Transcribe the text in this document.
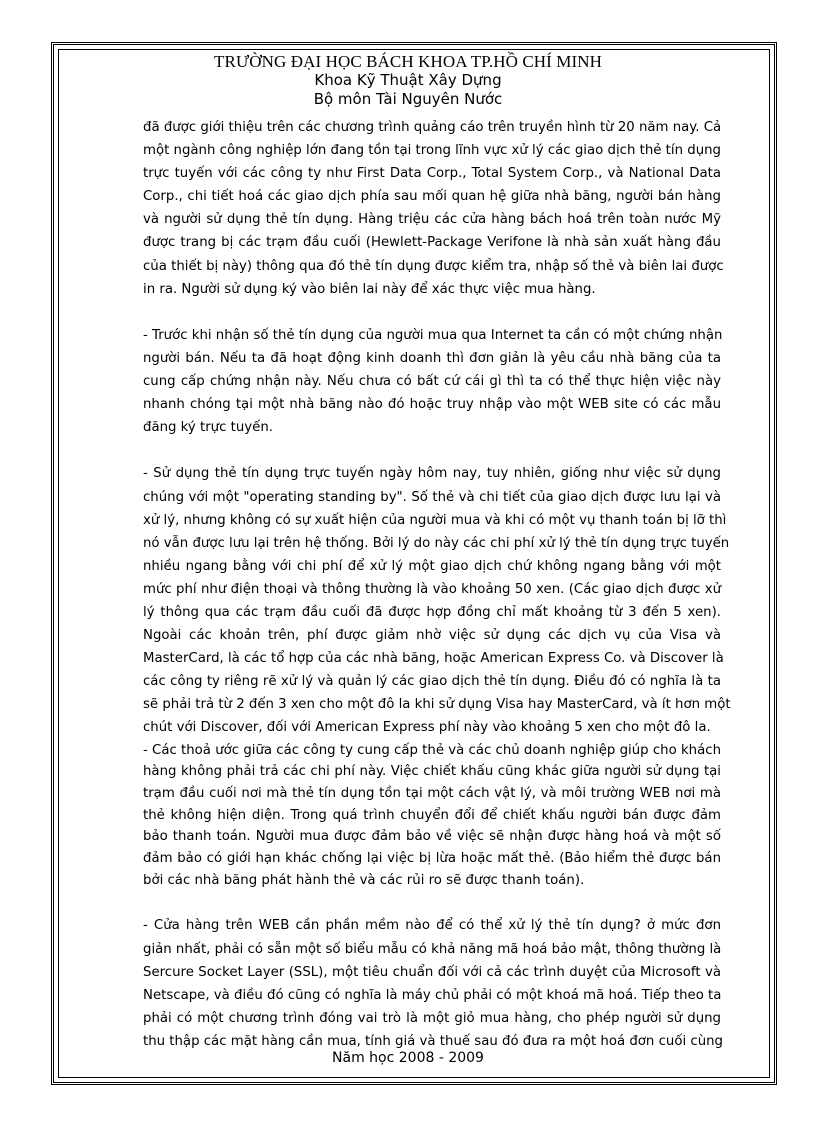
TRƯỜNG ĐẠI HỌC BÁCH KHOA TP.HỒ CHÍ MINH
Khoa Kỹ Thuật Xây Dựng
Bộ môn Tài Nguyên Nước
đã được giới thiệu trên các chương trình quảng cáo trên truyền hình từ 20 năm nay. Cả
một ngành công nghiệp lớn đang tồn tại trong lĩnh vực xử lý các giao dịch thẻ tín dụng
trực tuyến với các công ty như First Data Corp., Total System Corp., và National Data
Corp., chi tiết hoá các giao dịch phía sau mối quan hệ giữa nhà băng, người bán hàng
và người sử dụng thẻ tín dụng. Hàng triệu các cửa hàng bách hoá trên toàn nước Mỹ
được trang bị các trạm đầu cuối (Hewlett-Package Verifone là nhà sản xuất hàng đầu
của thiết bị này) thông qua đó thẻ tín dụng được kiểm tra, nhập số thẻ và biên lai được
in ra. Người sử dụng ký vào biên lai này để xác thực việc mua hàng.
- Trước khi nhận số thẻ tín dụng của người mua qua Internet ta cần có một chứng nhận
người bán. Nếu ta đã hoạt động kinh doanh thì đơn giản là yêu cầu nhà băng của ta
cung cấp chứng nhận này. Nếu chưa có bất cứ cái gì thì ta có thể thực hiện việc này
nhanh chóng tại một nhà băng nào đó hoặc truy nhập vào một WEB site có các mẫu
đăng ký trực tuyến.
- Sử dụng thẻ tín dụng trực tuyến ngày hôm nay, tuy nhiên, giống như việc sử dụng
chúng với một "operating standing by". Số thẻ và chi tiết của giao dịch được lưu lại và
xử lý, nhưng không có sự xuất hiện của người mua và khi có một vụ thanh toán bị lỡ thì
nó vẫn được lưu lại trên hệ thống. Bởi lý do này các chi phí xử lý thẻ tín dụng trực tuyến
nhiều ngang bằng với chi phí để xử lý một giao dịch chứ không ngang bằng với một
mức phí như điện thoại và thông thường là vào khoảng 50 xen. (Các giao dịch được xử
lý thông qua các trạm đầu cuối đã được hợp đồng chỉ mất khoảng từ 3 đến 5 xen).
Ngoài các khoản trên, phí được giảm nhờ việc sử dụng các dịch vụ của Visa và
MasterCard, là các tổ hợp của các nhà băng, hoặc American Express Co. và Discover là
các công ty riêng rẽ xử lý và quản lý các giao dịch thẻ tín dụng. Điều đó có nghĩa là ta
sẽ phải trả từ 2 đến 3 xen cho một đô la khi sử dụng Visa hay MasterCard, và ít hơn một
chút với Discover, đối với American Express phí này vào khoảng 5 xen cho một đô la.
- Các thoả ước giữa các công ty cung cấp thẻ và các chủ doanh nghiệp giúp cho khách
hàng không phải trả các chi phí này. Việc chiết khấu cũng khác giữa người sử dụng tại
trạm đầu cuối nơi mà thẻ tín dụng tồn tại một cách vật lý, và môi trường WEB nơi mà
thẻ không hiện diện. Trong quá trình chuyển đổi để chiết khấu người bán được đảm
bảo thanh toán. Người mua được đảm bảo về việc sẽ nhận được hàng hoá và một số
đảm bảo có giới hạn khác chống lại việc bị lừa hoặc mất thẻ. (Bảo hiểm thẻ được bán
bởi các nhà băng phát hành thẻ và các rủi ro sẽ được thanh toán).
- Cửa hàng trên WEB cần phần mềm nào để có thể xử lý thẻ tín dụng? ở mức đơn
giản nhất, phải có sẵn một số biểu mẫu có khả năng mã hoá bảo mật, thông thường là
Sercure Socket Layer (SSL), một tiêu chuẩn đối với cả các trình duyệt của Microsoft và
Netscape, và điều đó cũng có nghĩa là máy chủ phải có một khoá mã hoá. Tiếp theo ta
phải có một chương trình đóng vai trò là một giỏ mua hàng, cho phép người sử dụng
thu thập các mặt hàng cần mua, tính giá và thuế sau đó đưa ra một hoá đơn cuối cùng
Năm học 2008 - 2009
